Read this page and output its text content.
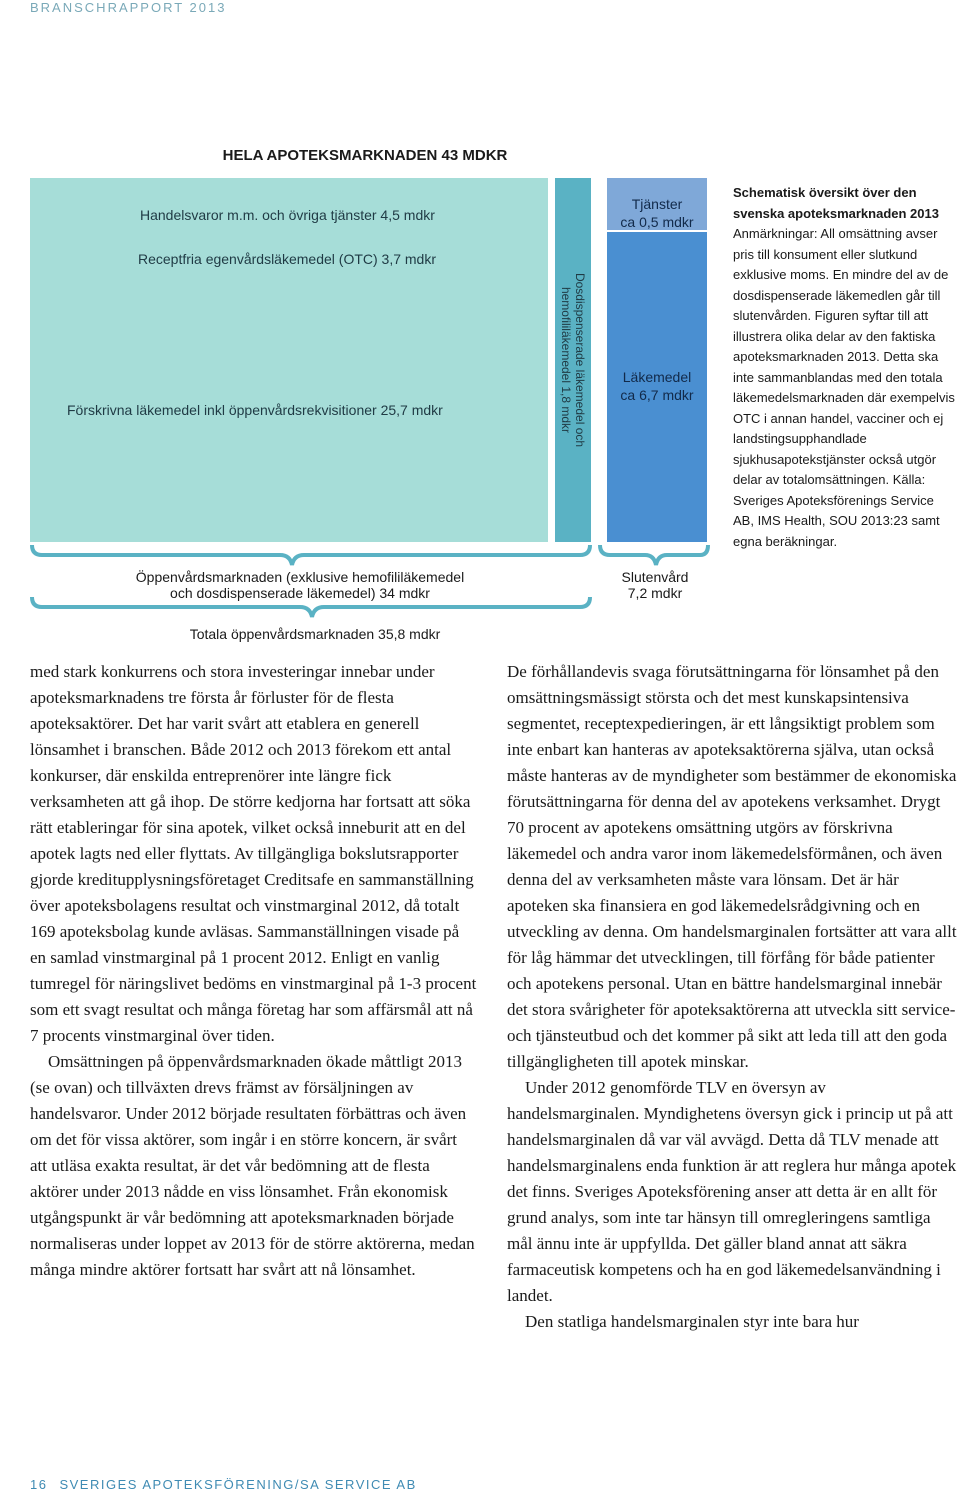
BRANSCHRAPPORT 2013
HELA APOTEKSMARKNADEN 43 MDKR
Handelsvaror m.m. och övriga tjänster 4,5 mdkr
Receptfria egenvårdsläkemedel (OTC) 3,7 mdkr
Förskrivna läkemedel inkl öppenvårdsrekvisitioner 25,7 mdkr	Dosdispenserade läkemedel och
hemofililäkemedel 1,8 mdkr
Tjänster
ca 0,5 mdkr
Läkemedel
ca 6,7 mdkr
Öppenvårdsmarknaden (exklusive hemofililäkemedel
och dosdispenserade läkemedel) 34 mdkr
Slutenvård
7,2 mdkr
Totala öppenvårdsmarknaden 35,8 mdkr
Schematisk översikt över den svenska apoteksmarknaden 2013 Anmärkningar: All omsättning avser pris till konsument eller slutkund exklusive moms. En mindre del av de dosdispenserade läkemedlen går till slutenvården. Figuren syftar till att illustrera olika delar av den faktiska apoteksmarknaden 2013. Detta ska inte sammanblandas med den totala läkemedelsmarknaden där exempelvis OTC i annan handel, vacciner och ej landstingsupphandlade sjukhusapotekstjänster också utgör delar av totalomsättningen. Källa: Sveriges Apoteksförenings Service AB, IMS Health, SOU 2013:23 samt egna beräkningar.

med stark konkurrens och stora investeringar innebar under apoteksmarknadens tre första år förluster för de flesta apoteksaktörer. Det har varit svårt att etablera en generell lönsamhet i branschen. Både 2012 och 2013 förekom ett antal konkurser, där enskilda entreprenörer inte längre fick verksamheten att gå ihop. De större kedjorna har fortsatt att söka rätt etableringar för sina apotek, vilket också inneburit att en del apotek lagts ned eller flyttats. Av tillgängliga bokslutsrapporter gjorde kreditupplysningsföretaget Creditsafe en sammanställning över apoteksbolagens resultat och vinstmarginal 2012, då totalt 169 apoteksbolag kunde avläsas. Sammanställningen visade på en samlad vinstmarginal på 1 procent 2012. Enligt en vanlig tumregel för näringslivet bedöms en vinstmarginal på 1-3 procent som ett svagt resultat och många företag har som affärsmål att nå 7 procents vinstmarginal över tiden.

Omsättningen på öppenvårdsmarknaden ökade måttligt 2013 (se ovan) och tillväxten drevs främst av försäljningen av handelsvaror. Under 2012 började resultaten förbättras och även om det för vissa aktörer, som ingår i en större koncern, är svårt att utläsa exakta resultat, är det vår bedömning att de flesta aktörer under 2013 nådde en viss lönsamhet. Från ekonomisk utgångspunkt är vår bedömning att apoteksmarknaden började normaliseras under loppet av 2013 för de större aktörerna, medan många mindre aktörer fortsatt har svårt att nå lönsamhet.

De förhållandevis svaga förutsättningarna för lönsamhet på den omsättningsmässigt största och det mest kunskapsintensiva segmentet, receptexpedieringen, är ett långsiktigt problem som inte enbart kan hanteras av apoteksaktörerna själva, utan också måste hanteras av de myndigheter som bestämmer de ekonomiska förutsättningarna för denna del av apotekens verksamhet. Drygt 70 procent av apotekens omsättning utgörs av förskrivna läkemedel och andra varor inom läkemedelsförmånen, och även denna del av verksamheten måste vara lönsam. Det är här apoteken ska finansiera en god läkemedelsrådgivning och en utveckling av denna. Om handelsmarginalen fortsätter att vara allt för låg hämmar det utvecklingen, till förfång för både patienter och apotekens personal. Utan en bättre handelsmarginal innebär det stora svårigheter för apoteksaktörerna att utveckla sitt service- och tjänsteutbud och det kommer på sikt att leda till att den goda tillgängligheten till apotek minskar.

Under 2012 genomförde TLV en översyn av handelsmarginalen. Myndighetens översyn gick i princip ut på att handelsmarginalen då var väl avvägd. Detta då TLV menade att handelsmarginalens enda funktion är att reglera hur många apotek det finns. Sveriges Apoteksförening anser att detta är en allt för grund analys, som inte tar hänsyn till omregleringens samtliga mål ännu inte är uppfyllda. Det gäller bland annat att säkra farmaceutisk kompetens och ha en god läkemedelsanvändning i landet.

Den statliga handelsmarginalen styr inte bara hur

16 SVERIGES APOTEKSFÖRENING/SA SERVICE AB
